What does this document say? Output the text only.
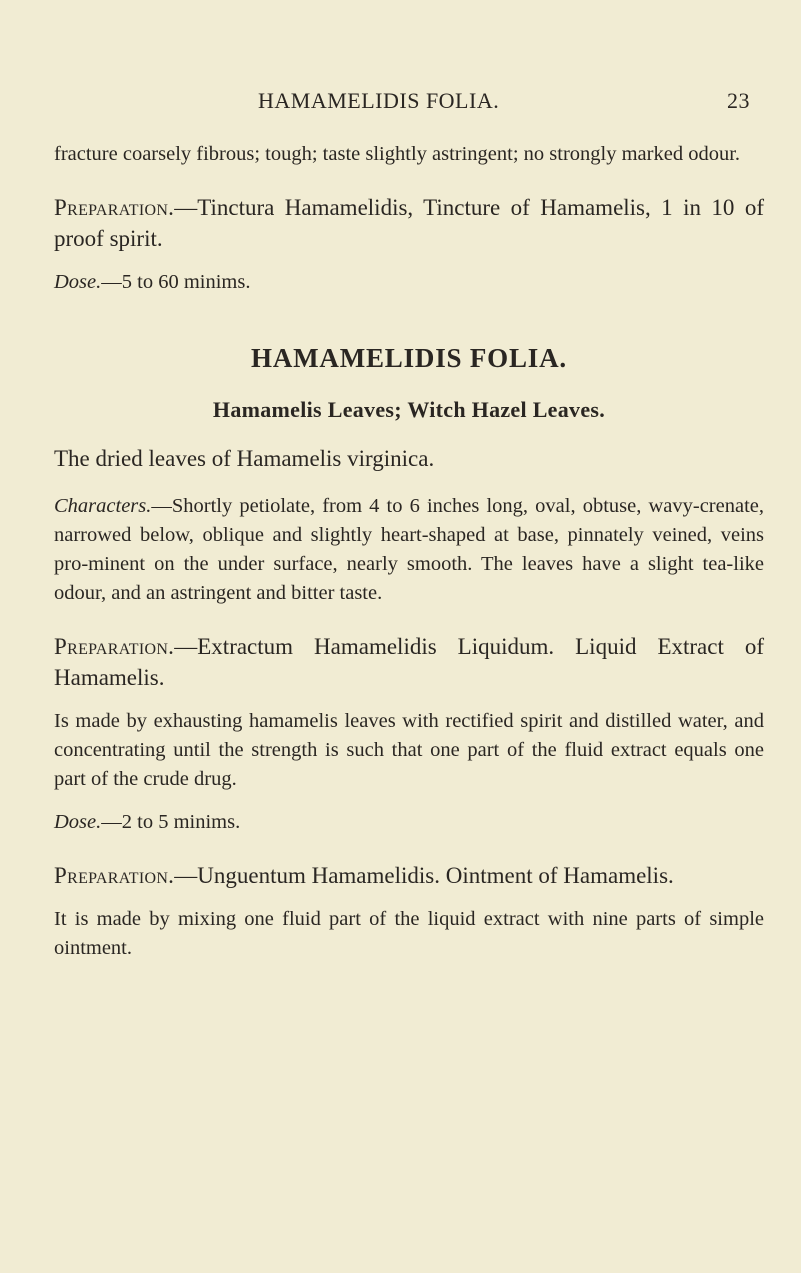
HAMAMELIDIS FOLIA.	23

fracture coarsely fibrous; tough; taste slightly astringent; no strongly marked odour.

Preparation.—Tinctura Hamamelidis, Tincture of Hamamelis, 1 in 10 of proof spirit.

Dose.—5 to 60 minims.

HAMAMELIDIS FOLIA.

Hamamelis Leaves; Witch Hazel Leaves.

The dried leaves of Hamamelis virginica.

Characters.—Shortly petiolate, from 4 to 6 inches long, oval, obtuse, wavy-crenate, narrowed below, oblique and slightly heart-shaped at base, pinnately veined, veins pro-minent on the under surface, nearly smooth. The leaves have a slight tea-like odour, and an astringent and bitter taste.

Preparation.—Extractum Hamamelidis Liquidum. Liquid Extract of Hamamelis.

Is made by exhausting hamamelis leaves with rectified spirit and distilled water, and concentrating until the strength is such that one part of the fluid extract equals one part of the crude drug.

Dose.—2 to 5 minims.

Preparation.—Unguentum Hamamelidis. Ointment of Hamamelis.

It is made by mixing one fluid part of the liquid extract with nine parts of simple ointment.
